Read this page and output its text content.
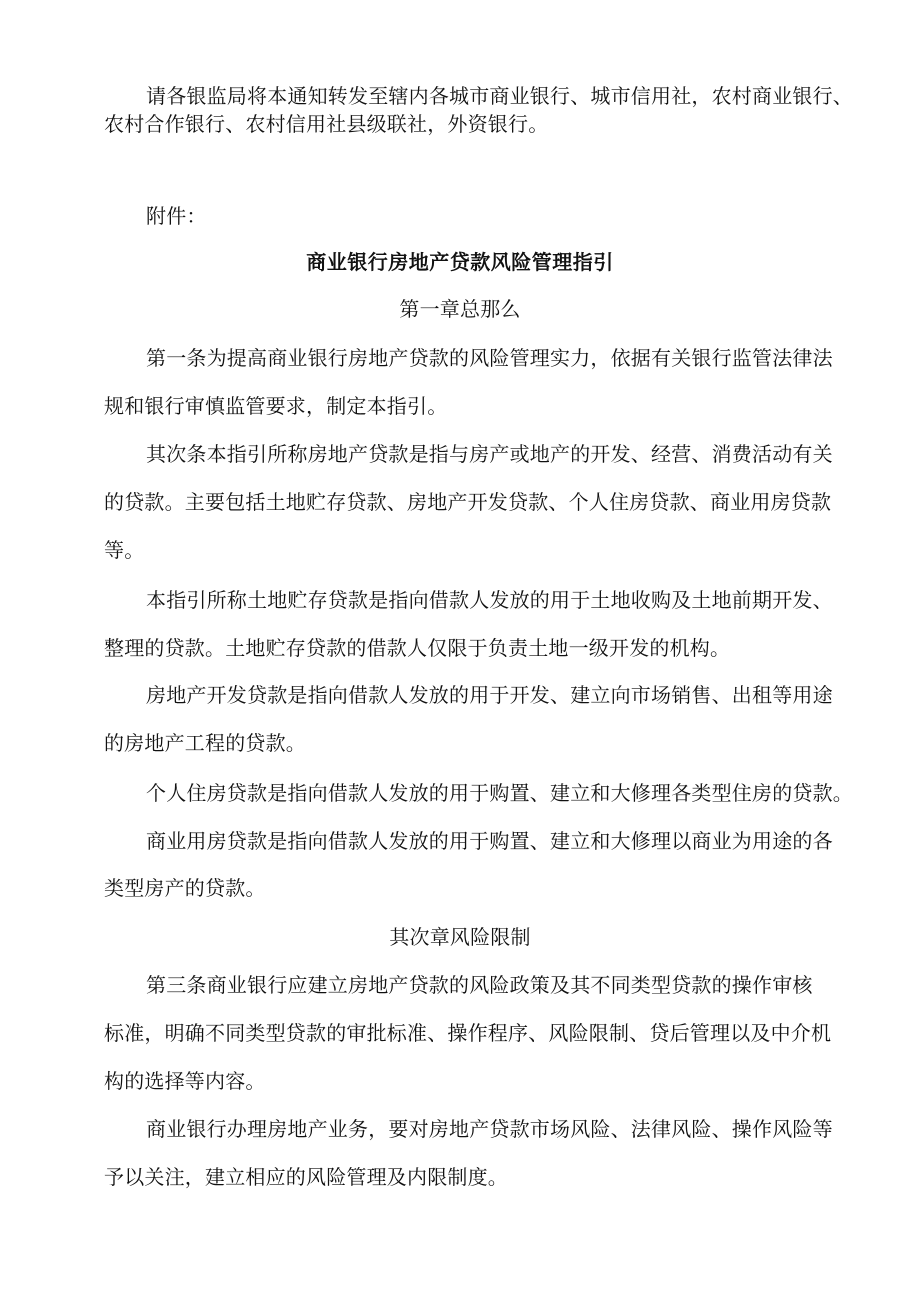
请各银监局将本通知转发至辖内各城市商业银行、城市信用社，农村商业银行、
农村合作银行、农村信用社县级联社，外资银行。
附件：
商业银行房地产贷款风险管理指引
第一章总那么
第一条为提高商业银行房地产贷款的风险管理实力，依据有关银行监管法律法
规和银行审慎监管要求，制定本指引。
其次条本指引所称房地产贷款是指与房产或地产的开发、经营、消费活动有关
的贷款。主要包括土地贮存贷款、房地产开发贷款、个人住房贷款、商业用房贷款
等。
本指引所称土地贮存贷款是指向借款人发放的用于土地收购及土地前期开发、
整理的贷款。土地贮存贷款的借款人仅限于负责土地一级开发的机构。
房地产开发贷款是指向借款人发放的用于开发、建立向市场销售、出租等用途
的房地产工程的贷款。
个人住房贷款是指向借款人发放的用于购置、建立和大修理各类型住房的贷款。
商业用房贷款是指向借款人发放的用于购置、建立和大修理以商业为用途的各
类型房产的贷款。
其次章风险限制
第三条商业银行应建立房地产贷款的风险政策及其不同类型贷款的操作审核
标准，明确不同类型贷款的审批标准、操作程序、风险限制、贷后管理以及中介机
构的选择等内容。
商业银行办理房地产业务，要对房地产贷款市场风险、法律风险、操作风险等
予以关注，建立相应的风险管理及内限制度。
